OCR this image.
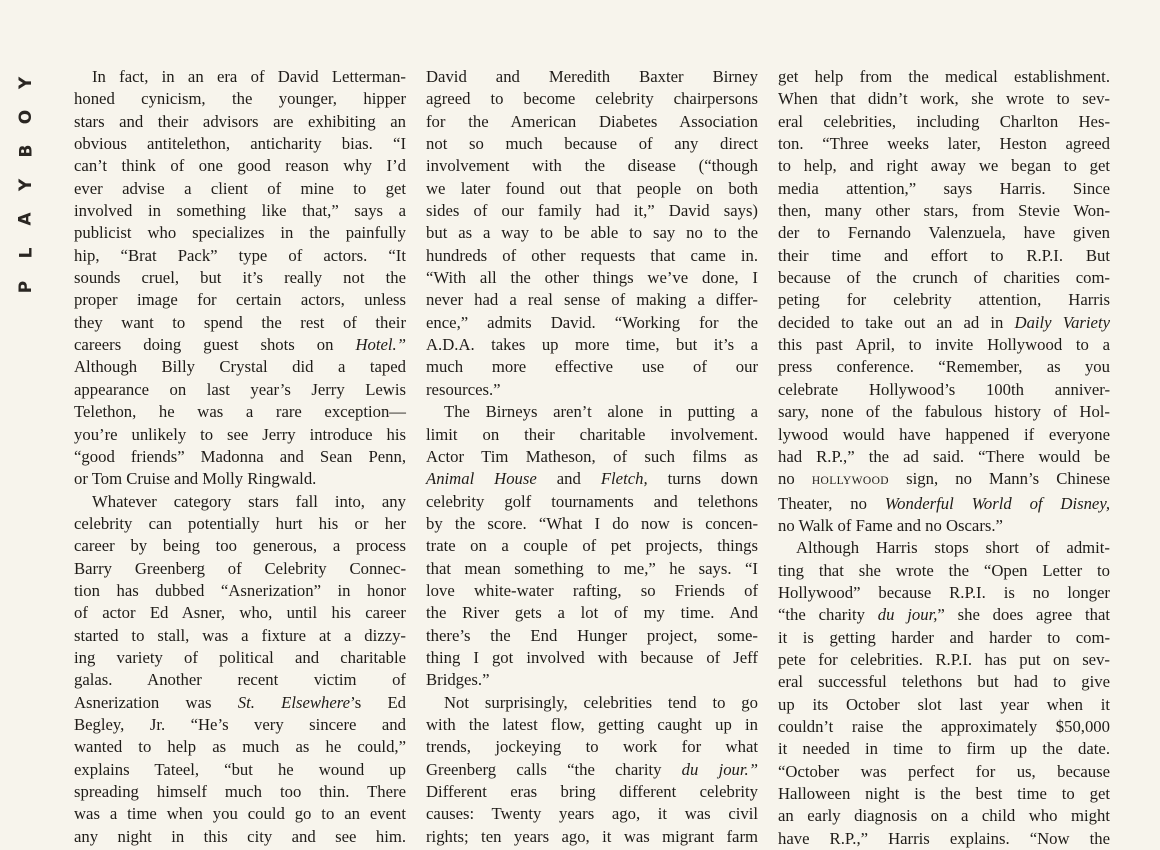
Y
O
B
Y
A
L
P

In fact, in an era of David Letterman-
honed cynicism, the younger, hipper
stars and their advisors are exhibiting an
obvious antitelethon, anticharity bias. “I
can’t think of one good reason why I’d
ever advise a client of mine to get
involved in something like that,” says a
publicist who specializes in the painfully
hip, “Brat Pack” type of actors. “It
sounds cruel, but it’s really not the
proper image for certain actors, unless
they want to spend the rest of their
careers doing guest shots on Hotel.”
Although Billy Crystal did a taped
appearance on last year’s Jerry Lewis
Telethon, he was a rare exception—
you’re unlikely to see Jerry introduce his
“good friends” Madonna and Sean Penn,
or Tom Cruise and Molly Ringwald.

Whatever category stars fall into, any
celebrity can potentially hurt his or her
career by being too generous, a process
Barry Greenberg of Celebrity Connec-
tion has dubbed “Asnerization” in honor
of actor Ed Asner, who, until his career
started to stall, was a fixture at a dizzy-
ing variety of political and charitable
galas. Another recent victim of
Asnerization was St. Elsewhere’s Ed
Begley, Jr. “He’s very sincere and
wanted to help as much as he could,”
explains Tateel, “but he wound up
spreading himself much too thin. There
was a time when you could go to an event
any night in this city and see him.

David and Meredith Baxter Birney
agreed to become celebrity chairpersons
for the American Diabetes Association
not so much because of any direct
involvement with the disease (“though
we later found out that people on both
sides of our family had it,” David says)
but as a way to be able to say no to the
hundreds of other requests that came in.
“With all the other things we’ve done, I
never had a real sense of making a differ-
ence,” admits David. “Working for the
A.D.A. takes up more time, but it’s a
much more effective use of our
resources.”

The Birneys aren’t alone in putting a
limit on their charitable involvement.
Actor Tim Matheson, of such films as
Animal House and Fletch, turns down
celebrity golf tournaments and telethons
by the score. “What I do now is concen-
trate on a couple of pet projects, things
that mean something to me,” he says. “I
love white-water rafting, so Friends of
the River gets a lot of my time. And
there’s the End Hunger project, some-
thing I got involved with because of Jeff
Bridges.”

Not surprisingly, celebrities tend to go
with the latest flow, getting caught up in
trends, jockeying to work for what
Greenberg calls “the charity du jour.”
Different eras bring different celebrity
causes: Twenty years ago, it was civil
rights; ten years ago, it was migrant farm

get help from the medical establishment.
When that didn’t work, she wrote to sev-
eral celebrities, including Charlton Hes-
ton. “Three weeks later, Heston agreed
to help, and right away we began to get
media attention,” says Harris. Since
then, many other stars, from Stevie Won-
der to Fernando Valenzuela, have given
their time and effort to R.P.I. But
because of the crunch of charities com-
peting for celebrity attention, Harris
decided to take out an ad in Daily Variety
this past April, to invite Hollywood to a
press conference. “Remember, as you
celebrate Hollywood’s 100th anniver-
sary, none of the fabulous history of Hol-
lywood would have happened if everyone
had R.P.,” the ad said. “There would be
no HOLLYWOOD sign, no Mann’s Chinese
Theater, no Wonderful World of Disney,
no Walk of Fame and no Oscars.”

Although Harris stops short of admit-
ting that she wrote the “Open Letter to
Hollywood” because R.P.I. is no longer
“the charity du jour,” she does agree that
it is getting harder and harder to com-
pete for celebrities. R.P.I. has put on sev-
eral successful telethons but had to give
up its October slot last year when it
couldn’t raise the approximately $50,000
it needed in time to firm up the date.
“October was perfect for us, because
Halloween night is the best time to get
an early diagnosis on a child who might
have R.P.,” Harris explains. “Now the
